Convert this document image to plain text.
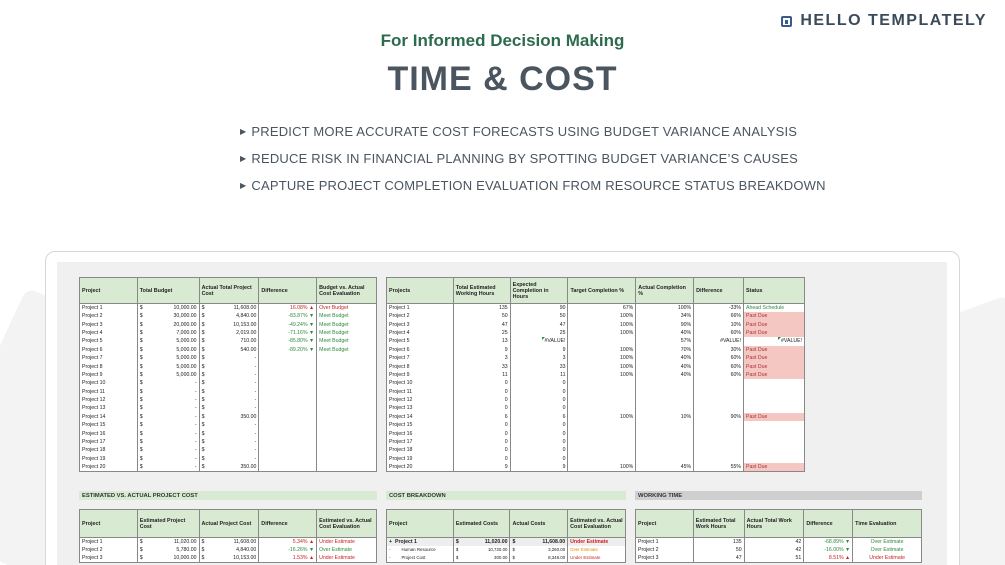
HELLO TEMPLATELY
For Informed Decision Making
TIME & COST
▶ PREDICT MORE ACCURATE COST FORECASTS USING BUDGET VARIANCE ANALYSIS
▶ REDUCE RISK IN FINANCIAL PLANNING BY SPOTTING BUDGET VARIANCE’S CAUSES
▶ CAPTURE PROJECT COMPLETION EVALUATION FROM RESOURCE STATUS BREAKDOWN
Project	Total Budget	Actual Total Project Cost	Difference	Budget vs. Actual Cost Evaluation
Project 1	$ 10,000.00	$ 11,608.00	16.08% ▲	Over Budget
Project 2	$ 30,000.00	$ 4,840.00	-83.87% ▼	Meet Budget
Project 3	$ 20,000.00	$ 10,153.00	-49.24% ▼	Meet Budget
Project 4	$ 7,000.00	$ 2,019.00	-71.16% ▼	Meet Budget
Project 5	$ 5,000.00	$ 710.00	-85.80% ▼	Meet Budget
Project 6	$ 5,000.00	$ 540.00	-89.20% ▼	Meet Budget
Project 7	$ 5,000.00	$ -		

Project 8	$ 5,000.00	$ -		

Project 9	$ 5,000.00	$ -		

Project 10	$ -	$ -		

Project 11	$ -	$ -		

Project 12	$ -	$ -		

Project 13	$ -	$ -		

Project 14	$ -	$ 350.00		

Project 15	$ -	$ -		

Project 16	$ -	$ -		

Project 17	$ -	$ -		

Project 18	$ -	$ -		

Project 19	$ -	$ -		

Project 20	$ -	$ 350.00		

Projects	Total Estimated Working Hours	Expected Completion in Hours	Target Completion %	Actual Completion %	Difference	Status
Project 1	135	90	67%	100%	-33%	Ahead Schedule
Project 2	50	50	100%	34%	66%	Past Due
Project 3	47	47	100%	90%	10%	Past Due
Project 4	25	25	100%	40%	60%	Past Due
Project 5	13	#VALUE!		57%	#VALUE!	#VALUE!
Project 6	9	9	100%	70%	30%	Past Due
Project 7	3	3	100%	40%	60%	Past Due
Project 8	33	33	100%	40%	60%	Past Due
Project 9	11	11	100%	40%	60%	Past Due
Project 10	0	0				
Project 11	0	0				
Project 12	0	0				
Project 13	0	0				
Project 14	6	6	100%	10%	90%	Past Due
Project 15	0	0				
Project 16	0	0				
Project 17	0	0				
Project 18	0	0				
Project 19	0	0				
Project 20	9	9	100%	45%	55%	Past Due
ESTIMATED VS. ACTUAL PROJECT COST	COST BREAKDOWN	WORKING TIME
Project	Estimated Project Cost	Actual Project Cost	Difference	Estimated vs. Actual Cost Evaluation
Project 1	$ 11,020.00	$ 11,608.00	5.34% ▲	Under Estimate
Project 2	$ 5,780.00	$ 4,840.00	-16.26% ▼	Over Estimate
Project 3	$ 10,000.00	$ 10,153.00	1.53% ▲	Under Estimate
Project	Estimated Costs	Actual Costs	Estimated vs. Actual Cost Evaluation
+ Project 1	$ 11,020.00	$ 11,608.00	Under Estimate
- Human Resource	$ 10,720.00	$ 3,260.00	Over Estimate
- Project Cost	$ 300.00	$ 8,348.00	Under Estimate
Project	Estimated Total Work Hours	Actual Total Work Hours	Difference	Time Evaluation
Project 1	135	42	-68.89% ▼	Over Estimate
Project 2	50	42	-16.00% ▼	Over Estimate
Project 3	47	51	8.51% ▲	Under Estimate
